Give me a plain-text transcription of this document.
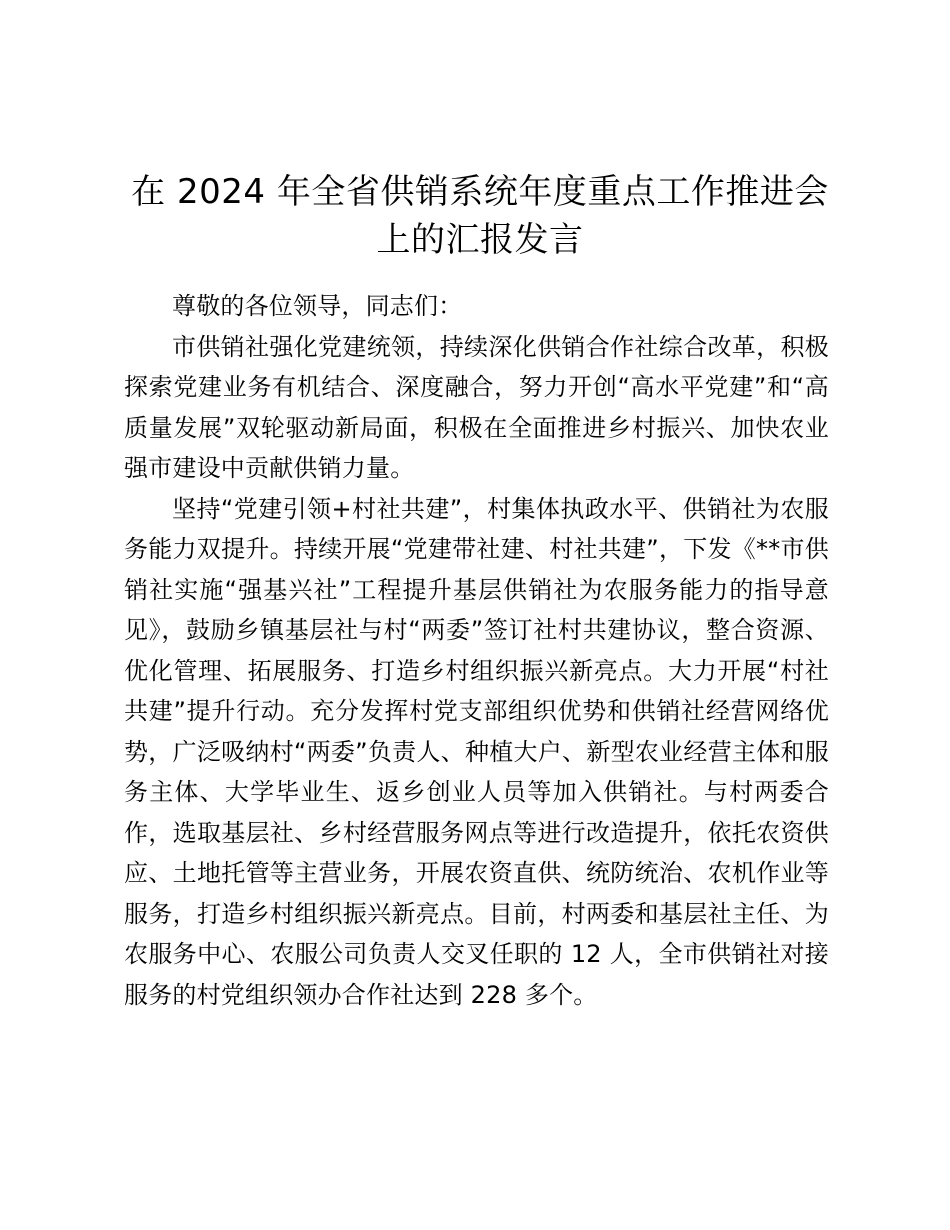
在 2024 年全省供销系统年度重点工作推进会上的汇报发言

尊敬的各位领导，同志们：

市供销社强化党建统领，持续深化供销合作社综合改革，积极探索党建业务有机结合、深度融合，努力开创“高水平党建”和“高质量发展”双轮驱动新局面，积极在全面推进乡村振兴、加快农业强市建设中贡献供销力量。

坚持“党建引领+村社共建”，村集体执政水平、供销社为农服务能力双提升。持续开展“党建带社建、村社共建”，下发《**市供销社实施“强基兴社”工程提升基层供销社为农服务能力的指导意见》，鼓励乡镇基层社与村“两委”签订社村共建协议，整合资源、优化管理、拓展服务、打造乡村组织振兴新亮点。大力开展“村社共建”提升行动。充分发挥村党支部组织优势和供销社经营网络优势，广泛吸纳村“两委”负责人、种植大户、新型农业经营主体和服务主体、大学毕业生、返乡创业人员等加入供销社。与村两委合作，选取基层社、乡村经营服务网点等进行改造提升，依托农资供应、土地托管等主营业务，开展农资直供、统防统治、农机作业等服务，打造乡村组织振兴新亮点。目前，村两委和基层社主任、为农服务中心、农服公司负责人交叉任职的 12 人，全市供销社对接服务的村党组织领办合作社达到 228 多个。
